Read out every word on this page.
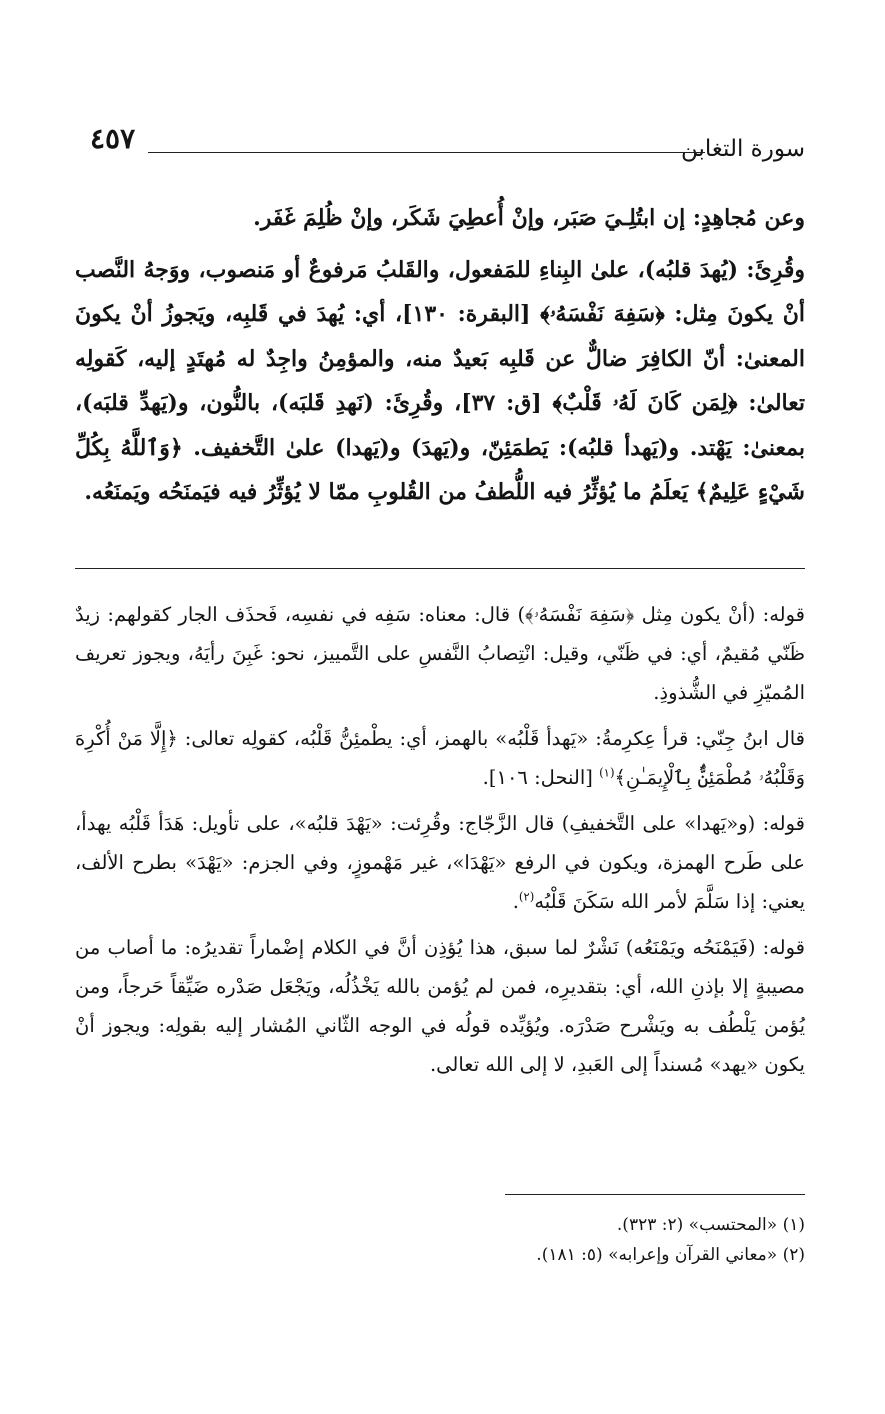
سورة التغابن
٤٥٧

وعن مُجاهِدٍ: إن ابتُلِـيَ صَبَر، وإنْ أُعطِيَ شَكَر، وإنْ ظُلِمَ غَفَر.

وقُرِئَ: (يُهدَ قلبُه)، علىٰ البِناءِ للمَفعول، والقَلبُ مَرفوعٌ أو مَنصوب، ووَجهُ النَّصب أنْ يكونَ مِثل: ﴿سَفِهَ نَفْسَهُۥ﴾ [البقرة: ١٣٠]، أي: يُهدَ في قَلبِه، ويَجوزُ أنْ يكونَ المعنىٰ: أنّ الكافِرَ ضالٌّ عن قَلبِه بَعيدٌ منه، والمؤمِنُ واجِدٌ له مُهتَدٍ إليه، كَقولِه تعالىٰ: ﴿لِمَن كَانَ لَهُۥ قَلْبٌ﴾ [ق: ٣٧]، وقُرِئَ: (نَهدِ قَلبَه)، بالنُّون، و(يَهدِّ قلبَه)، بمعنىٰ: يَهْتد. و(يَهدأ قلبُه): يَطمَئِنّ، و(يَهدَ) و(يَهدا) علىٰ التَّخفيف. ﴿وَٱللَّهُ بِكُلِّ شَيْءٍ عَلِيمٌ﴾ يَعلَمُ ما يُؤثِّرُ فيه اللُّطفُ من القُلوبِ ممّا لا يُؤثِّرُ فيه فيَمنَحُه ويَمنَعُه.

قوله: (أنْ يكون مِثل ﴿سَفِهَ نَفْسَهُۥ﴾) قال: معناه: سَفِه في نفسِه، فَحذَف الجار كقولهم: زيدٌ ظَنّي مُقيمٌ، أي: في ظَنّي، وقيل: انْتِصابُ النَّفسِ على التَّمييز، نحو: غَبِنَ رأيَهُ، ويجوز تعريف المُميّزِ في الشُّذوذِ.

قال ابنُ جِنّي: قرأ عِكرِمةُ: «يَهدأ قَلْبُه» بالهمز، أي: يطْمئِنُّ قَلْبُه، كقولِه تعالى: ﴿إِلَّا مَنْ أُكْرِهَ وَقَلْبُهُۥ مُطْمَئِنٌّۢ بِٱلْإِيمَـٰنِ﴾$^{(١)}$ [النحل: ١٠٦].

قوله: (و«يَهدا» على التَّخفيفِ) قال الزَّجّاج: وقُرِئت: «يَهْدَ قلبُه»، على تأويل: هَدَأ قَلْبُه يهدأ، على طَرح الهمزة، ويكون في الرفع «يَهْدَا»، غير مَهْموزٍ، وفي الجزم: «يَهْدَ» بطرح الألف، يعني: إذا سَلَّمَ لأمر الله سَكَنَ قَلْبُه$^{(٢)}$.

قوله: (فَيَمْنَحُه ويَمْنَعُه) نَشْرٌ لما سبق، هذا يُؤذِن أنَّ في الكلام إضْماراً تقديرُه: ما أصاب من مصيبةٍ إلا بإذنِ الله، أي: بتقديرِه، فمن لم يُؤمن بالله يَخْذُلُه، ويَجْعَل صَدْره ضَيِّقاً حَرجاً، ومن يُؤمن يَلْطُف به ويَشْرح صَدْرَه. ويُؤيِّده قولُه في الوجه الثّاني المُشار إليه بقولِه: ويجوز أنْ يكون «يهد» مُسنداً إلى العَبدِ، لا إلى الله تعالى.

(١) «المحتسب» (٢: ٣٢٣).

(٢) «معاني القرآن وإعرابه» (٥: ١٨١).
